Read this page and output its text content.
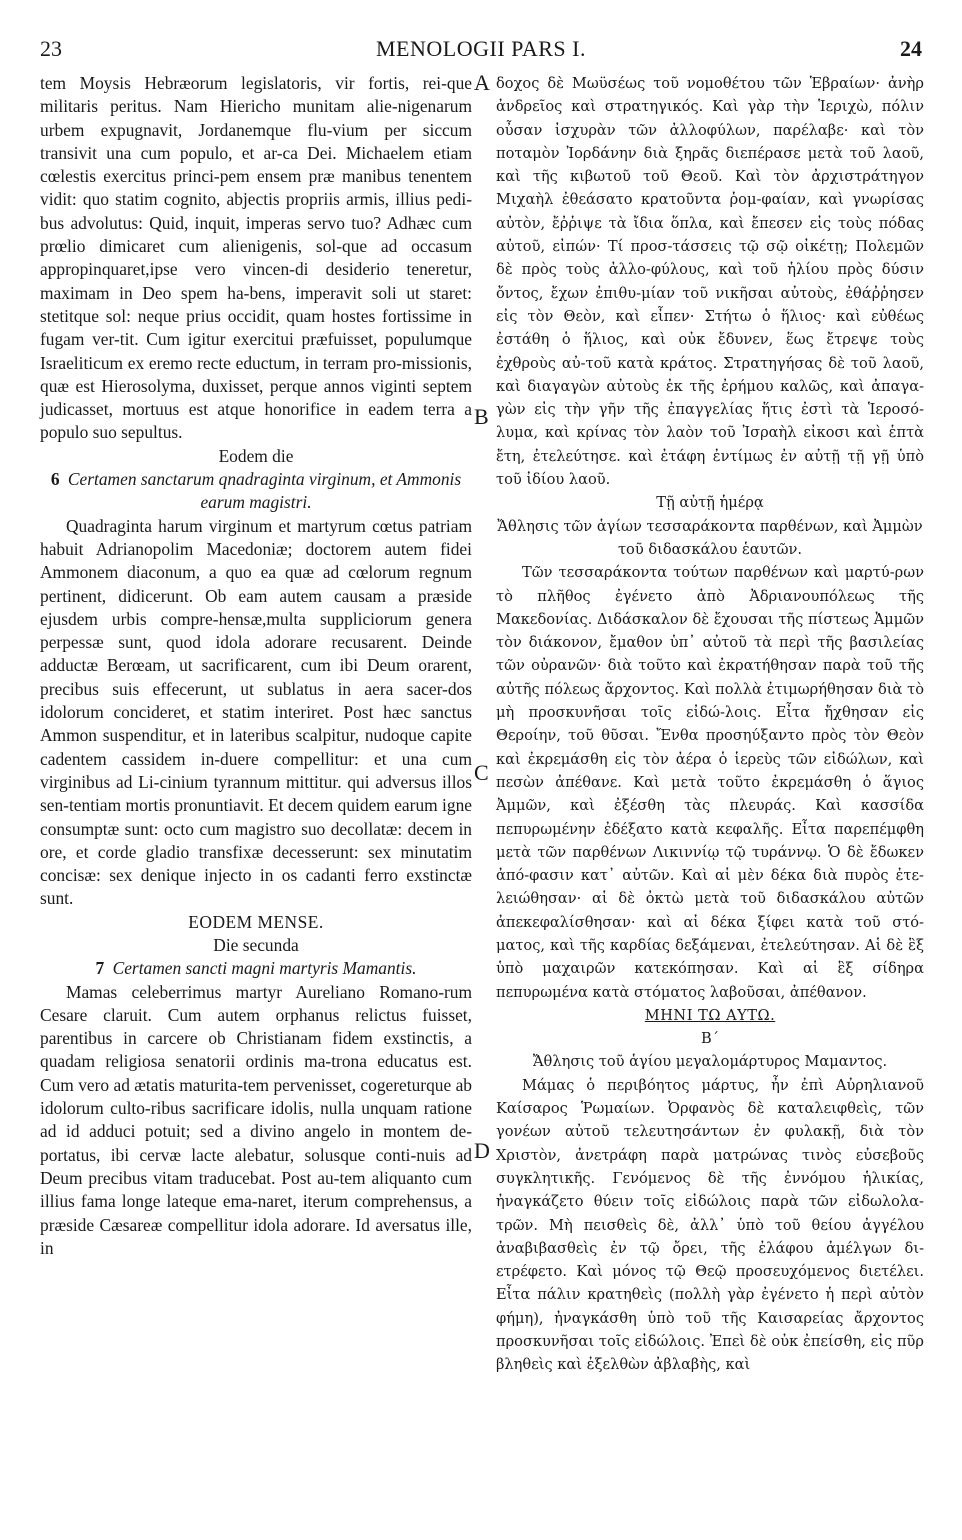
23	MENOLOGII PARS I.	24
A
B
C
D

tem Moysis Hebræorum legislatoris, vir fortis, rei-que militaris peritus. Nam Hiericho munitam alie-nigenarum urbem expugnavit, Jordanemque flu-vium per siccum transivit una cum populo, et ar-ca Dei. Michaelem etiam cœlestis exercitus princi-pem ensem præ manibus tenentem vidit: quo statim cognito, abjectis propriis armis, illius pedi-bus advolutus: Quid, inquit, imperas servo tuo? Adhæc cum prœlio dimicaret cum alienigenis, sol-que ad occasum appropinquaret,ipse vero vincen-di desiderio teneretur, maximam in Deo spem ha-bens, imperavit soli ut staret: stetitque sol: neque prius occidit, quam hostes fortissime in fugam ver-tit. Cum igitur exercitui præfuisset, populumque Israeliticum ex eremo recte eductum, in terram pro-missionis, quæ est Hierosolyma, duxisset, perque annos viginti septem judicasset, mortuus est atque honorifice in eadem terra a populo suo sepultus.

Eodem die

6 Certamen sanctarum qnadraginta virginum, et Ammonis earum magistri.

Quadraginta harum virginum et martyrum cœtus patriam habuit Adrianopolim Macedoniæ; doctorem autem fidei Ammonem diaconum, a quo ea quæ ad cœlorum regnum pertinent, didicerunt. Ob eam autem causam a præside ejusdem urbis compre-hensæ,multa suppliciorum genera perpessæ sunt, quod idola adorare recusarent. Deinde adductæ Berœam, ut sacrificarent, cum ibi Deum orarent, precibus suis effecerunt, ut sublatus in aera sacer-dos idolorum concideret, et statim interiret. Post hæc sanctus Ammon suspenditur, et in lateribus scalpitur, nudoque capite cadentem cassidem in-duere compellitur: et una cum virginibus ad Li-cinium tyrannum mittitur. qui adversus illos sen-tentiam mortis pronuntiavit. Et decem quidem earum igne consumptæ sunt: octo cum magistro suo decollatæ: decem in ore, et corde gladio transfixæ decesserunt: sex minutatim concisæ: sex denique injecto in os cadanti ferro exstinctæ sunt.

EODEM MENSE.

Die secunda

7 Certamen sancti magni martyris Mamantis.

Mamas celeberrimus martyr Aureliano Romano-rum Cesare claruit. Cum autem orphanus relictus fuisset, parentibus in carcere ob Christianam fidem exstinctis, a quadam religiosa senatorii ordinis ma-trona educatus est. Cum vero ad ætatis maturita-tem pervenisset, cogereturque ab idolorum culto-ribus sacrificare idolis, nulla unquam ratione ad id adduci potuit; sed a divino angelo in montem de-portatus, ibi cervæ lacte alebatur, solusque conti-nuis ad Deum precibus vitam traducebat. Post au-tem aliquanto cum illius fama longe lateque ema-naret, iterum comprehensus, a præside Cæsareæ compellitur idola adorare. Id aversatus ille, in

δοχος δὲ Μωϋσέως τοῦ νομοθέτου τῶν Ἑβραίων· ἀνὴρ ἀνδρεῖος καὶ στρατηγικός. Καὶ γὰρ τὴν Ἱεριχὼ, πόλιν οὖσαν ἰσχυρὰν τῶν ἀλλοφύλων, παρέλαβε· καὶ τὸν ποταμὸν Ἰορδάνην διὰ ξηρᾶς διεπέρασε μετὰ τοῦ λαοῦ, καὶ τῆς κιβωτοῦ τοῦ Θεοῦ. Καὶ τὸν ἀρχιστράτηγον Μιχαὴλ ἐθεάσατο κρατοῦντα ῥομ-φαίαν, καὶ γνωρίσας αὐτὸν, ἔῤῥιψε τὰ ἴδια ὅπλα, καὶ ἔπεσεν εἰς τοὺς πόδας αὐτοῦ, εἰπών· Τί προσ-τάσσεις τῷ σῷ οἰκέτῃ; Πολεμῶν δὲ πρὸς τοὺς ἀλλο-φύλους, καὶ τοῦ ἡλίου πρὸς δύσιν ὄντος, ἔχων ἐπιθυ-μίαν τοῦ νικῆσαι αὐτοὺς, ἐθάῤῥησεν εἰς τὸν Θεὸν, καὶ εἶπεν· Στήτω ὁ ἥλιος· καὶ εὐθέως ἐστάθη ὁ ἥλιος, καὶ οὐκ ἔδυνεν, ἕως ἔτρεψε τοὺς ἐχθροὺς αὐ-τοῦ κατὰ κράτος. Στρατηγήσας δὲ τοῦ λαοῦ, καὶ διαγαγὼν αὐτοὺς ἐκ τῆς ἐρήμου καλῶς, καὶ ἀπαγα-γὼν εἰς τὴν γῆν τῆς ἐπαγγελίας ἥτις ἐστὶ τὰ Ἱεροσό-λυμα, καὶ κρίνας τὸν λαὸν τοῦ Ἰσραὴλ εἰκοσι καὶ ἑπτὰ ἔτη, ἐτελεύτησε. καὶ ἐτάφη ἐντίμως ἐν αὐτῇ τῇ γῇ ὑπὸ τοῦ ἰδίου λαοῦ.

Τῇ αὐτῇ ἡμέρᾳ

Ἄθλησις τῶν ἁγίων τεσσαράκοντα παρθένων, καὶ Ἀμμὼν τοῦ διδασκάλου ἑαυτῶν.

Τῶν τεσσαράκοντα τούτων παρθένων καὶ μαρτύ-ρων τὸ πλῆθος ἐγένετο ἀπὸ Ἀδριανουπόλεως τῆς Μακεδονίας. Διδάσκαλον δὲ ἔχουσαι τῆς πίστεως Ἀμμῶν τὸν διάκονον, ἔμαθον ὑπ᾽ αὐτοῦ τὰ περὶ τῆς βασιλείας τῶν οὐρανῶν· διὰ τοῦτο καὶ ἐκρατήθησαν παρὰ τοῦ τῆς αὐτῆς πόλεως ἄρχοντος. Καὶ πολλὰ ἐτιμωρήθησαν διὰ τὸ μὴ προσκυνῆσαι τοῖς εἰδώ-λοις. Εἶτα ἤχθησαν εἰς Θεροίην, τοῦ θῦσαι. Ἔνθα προσηύξαντο πρὸς τὸν Θεὸν καὶ ἐκρεμάσθη εἰς τὸν ἀέρα ὁ ἱερεὺς τῶν εἰδώλων, καὶ πεσὼν ἀπέθανε. Καὶ μετὰ τοῦτο ἐκρεμάσθη ὁ ἅγιος Ἀμμῶν, καὶ ἐξέσθη τὰς πλευράς. Καὶ κασσίδα πεπυρωμένην ἐδέξατο κατὰ κεφαλῆς. Εἶτα παρεπέμφθη μετὰ τῶν παρθένων Λικιννίῳ τῷ τυράννῳ. Ὁ δὲ ἔδωκεν ἀπό-φασιν κατ᾽ αὐτῶν. Καὶ αἱ μὲν δέκα διὰ πυρὸς ἐτε-λειώθησαν· αἱ δὲ ὀκτὼ μετὰ τοῦ διδασκάλου αὐτῶν ἀπεκεφαλίσθησαν· καὶ αἱ δέκα ξίφει κατὰ τοῦ στό-ματος, καὶ τῆς καρδίας δεξάμεναι, ἐτελεύτησαν. Αἱ δὲ ἓξ ὑπὸ μαχαιρῶν κατεκόπησαν. Καὶ αἱ ἓξ σίδηρα πεπυρωμένα κατὰ στόματος λαβοῦσαι, ἀπέθανον.

ΜΗΝΙ ΤΩ ΑΥΤΩ.

Β΄

Ἄθλησις τοῦ ἁγίου μεγαλομάρτυρος Μαμαντος.

Μάμας ὁ περιβόητος μάρτυς, ἦν ἐπὶ Αὐρηλιανοῦ Καίσαρος Ῥωμαίων. Ὀρφανὸς δὲ καταλειφθεὶς, τῶν γονέων αὐτοῦ τελευτησάντων ἐν φυλακῇ, διὰ τὸν Χριστὸν, ἀνετράφη παρὰ ματρώνας τινὸς εὐσεβοῦς συγκλητικῆς. Γενόμενος δὲ τῆς ἐννόμου ἡλικίας, ἠναγκάζετο θύειν τοῖς εἰδώλοις παρὰ τῶν εἰδωλολα-τρῶν. Μὴ πεισθεὶς δὲ, ἀλλ᾽ ὑπὸ τοῦ θείου ἀγγέλου ἀναβιβασθεὶς ἐν τῷ ὄρει, τῆς ἐλάφου ἀμέλγων δι-ετρέφετο. Καὶ μόνος τῷ Θεῷ προσευχόμενος διετέλει. Εἶτα πάλιν κρατηθεὶς (πολλὴ γὰρ ἐγένετο ἡ περὶ αὐτὸν φήμη), ἠναγκάσθη ὑπὸ τοῦ τῆς Καισαρείας ἄρχοντος προσκυνῆσαι τοῖς εἰδώλοις. Ἐπεὶ δὲ οὐκ ἐπείσθη, εἰς πῦρ βληθεὶς καὶ ἐξελθὼν ἀβλαβὴς, καὶ
